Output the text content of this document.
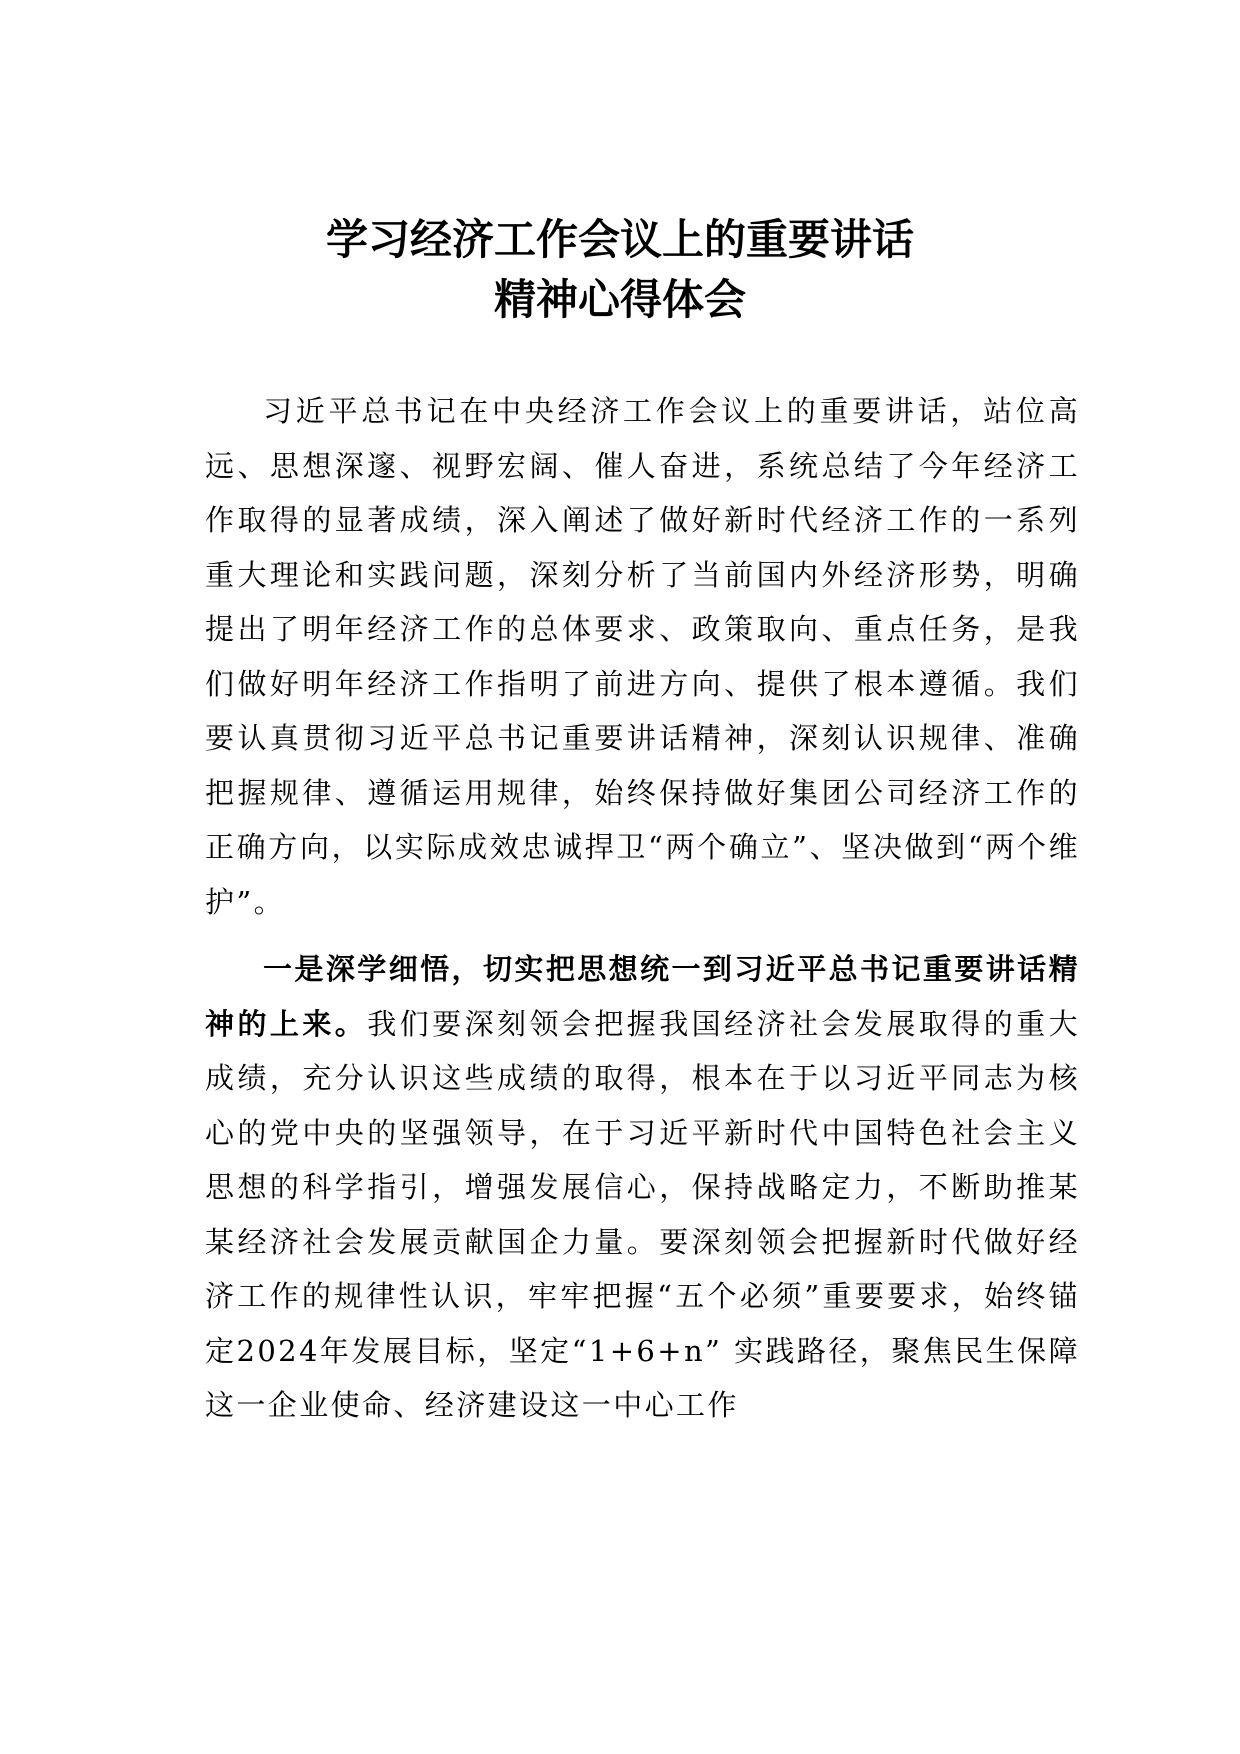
学习经济工作会议上的重要讲话
精神心得体会

习近平总书记在中央经济工作会议上的重要讲话，站位高远、思想深邃、视野宏阔、催人奋进，系统总结了今年经济工作取得的显著成绩，深入阐述了做好新时代经济工作的一系列重大理论和实践问题，深刻分析了当前国内外经济形势，明确提出了明年经济工作的总体要求、政策取向、重点任务，是我们做好明年经济工作指明了前进方向、提供了根本遵循。我们要认真贯彻习近平总书记重要讲话精神，深刻认识规律、准确把握规律、遵循运用规律，始终保持做好集团公司经济工作的正确方向，以实际成效忠诚捍卫“两个确立”、坚决做到“两个维护”。

一是深学细悟，切实把思想统一到习近平总书记重要讲话精神的上来。我们要深刻领会把握我国经济社会发展取得的重大成绩，充分认识这些成绩的取得，根本在于以习近平同志为核心的党中央的坚强领导，在于习近平新时代中国特色社会主义思想的科学指引，增强发展信心，保持战略定力，不断助推某某经济社会发展贡献国企力量。要深刻领会把握新时代做好经济工作的规律性认识，牢牢把握“五个必须”重要要求，始终锚定2024年发展目标，坚定“1+6+n” 实践路径，聚焦民生保障这一企业使命、经济建设这一中心工作
